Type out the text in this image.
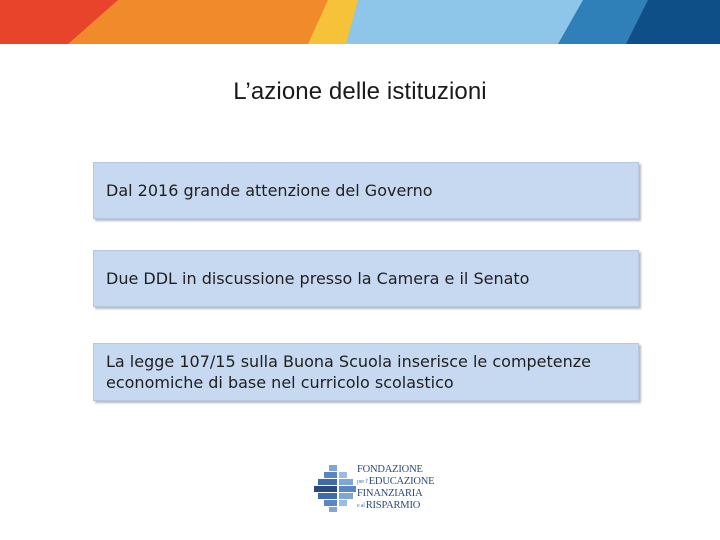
L’azione delle istituzioni
Dal 2016 grande attenzione del Governo
Due DDL in discussione presso la Camera e il Senato
La legge 107/15 sulla Buona Scuola inserisce le competenze economiche di base nel curricolo scolastico
FONDAZIONE
per l'EDUCAZIONE
FINANZIARIA
e alRISPARMIO
